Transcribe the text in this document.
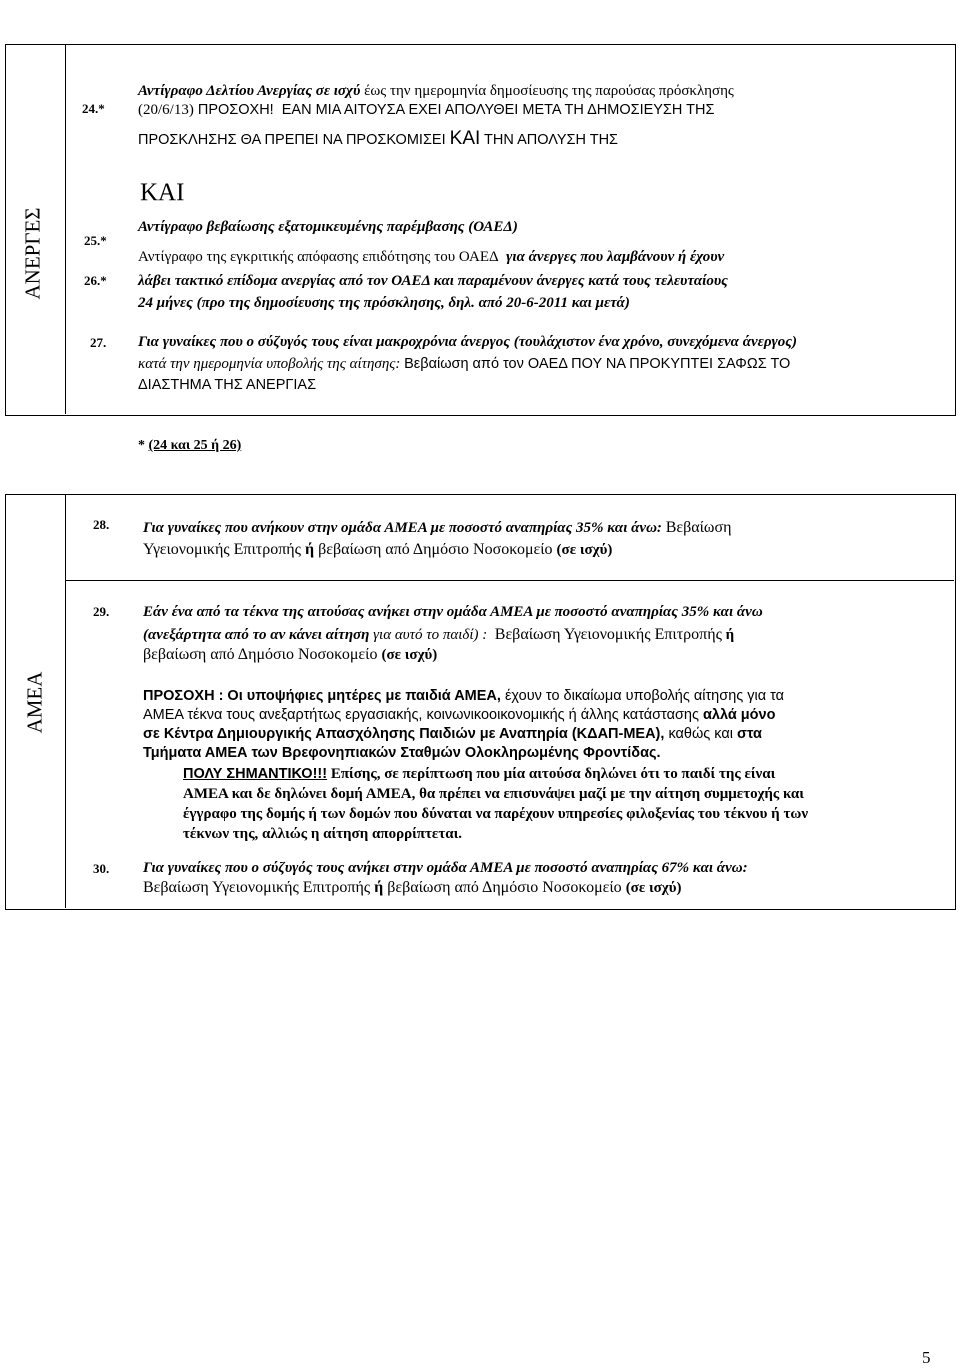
ΑΝΕΡΓΕΣ
24.*
Αντίγραφο Δελτίου Ανεργίας σε ισχύ έως την ημερομηνία δημοσίευσης της παρούσας πρόσκλησης
(20/6/13) ΠΡΟΣΟΧΗ! ΕΑΝ ΜΙΑ ΑΙΤΟΥΣΑ ΕΧΕΙ ΑΠΟΛΥΘΕΙ ΜΕΤΑ ΤΗ ΔΗΜΟΣΙΕΥΣΗ ΤΗΣ
ΠΡΟΣΚΛΗΣΗΣ ΘΑ ΠΡΕΠΕΙ ΝΑ ΠΡΟΣΚΟΜΙΣΕΙ ΚΑΙ ΤΗΝ ΑΠΟΛΥΣΗ ΤΗΣ
ΚΑΙ
25.*
Αντίγραφο βεβαίωσης εξατομικευμένης παρέμβασης (ΟΑΕΔ)
26.*
Αντίγραφο της εγκριτικής απόφασης επιδότησης του ΟΑΕΔ για άνεργες που λαμβάνουν ή έχουν
λάβει τακτικό επίδομα ανεργίας από τον ΟΑΕΔ και παραμένουν άνεργες κατά τους τελευταίους
24 μήνες (προ της δημοσίευσης της πρόσκλησης, δηλ. από 20-6-2011 και μετά)
27. Για γυναίκες που ο σύζυγός τους είναι μακροχρόνια άνεργος (τουλάχιστον ένα χρόνο, συνεχόμενα άνεργος)
κατά την ημερομηνία υποβολής της αίτησης: Βεβαίωση από τον ΟΑΕΔ ΠΟΥ ΝΑ ΠΡΟΚΥΠΤΕΙ ΣΑΦΩΣ ΤΟ
ΔΙΑΣΤΗΜΑ ΤΗΣ ΑΝΕΡΓΙΑΣ
* (24 και 25 ή 26)
ΑΜΕΑ
28. Για γυναίκες που ανήκουν στην ομάδα ΑΜΕΑ με ποσοστό αναπηρίας 35% και άνω: Βεβαίωση
Υγειονομικής Επιτροπής ή βεβαίωση από Δημόσιο Νοσοκομείο (σε ισχύ)
29. Εάν ένα από τα τέκνα της αιτούσας ανήκει στην ομάδα ΑΜΕΑ με ποσοστό αναπηρίας 35% και άνω
(ανεξάρτητα από το αν κάνει αίτηση για αυτό το παιδί) : Βεβαίωση Υγειονομικής Επιτροπής ή
βεβαίωση από Δημόσιο Νοσοκομείο (σε ισχύ)
ΠΡΟΣΟΧΗ : Οι υποψήφιες μητέρες με παιδιά ΑΜΕΑ, έχουν το δικαίωμα υποβολής αίτησης για τα
ΑΜΕΑ τέκνα τους ανεξαρτήτως εργασιακής, κοινωνικοοικονομικής ή άλλης κατάστασης αλλά μόνο
σε Κέντρα Δημιουργικής Απασχόλησης Παιδιών με Αναπηρία (ΚΔΑΠ-ΜΕΑ), καθώς και στα
Τμήματα ΑΜΕΑ των Βρεφονηπιακών Σταθμών Ολοκληρωμένης Φροντίδας.
ΠΟΛΥ ΣΗΜΑΝΤΙΚΟ!!! Επίσης, σε περίπτωση που μία αιτούσα δηλώνει ότι το παιδί της είναι
ΑΜΕΑ και δε δηλώνει δομή ΑΜΕΑ, θα πρέπει να επισυνάψει μαζί με την αίτηση συμμετοχής και
έγγραφο της δομής ή των δομών που δύναται να παρέχουν υπηρεσίες φιλοξενίας του τέκνου ή των
τέκνων της, αλλιώς η αίτηση απορρίπτεται.
30. Για γυναίκες που ο σύζυγός τους ανήκει στην ομάδα ΑΜΕΑ με ποσοστό αναπηρίας 67% και άνω:
Βεβαίωση Υγειονομικής Επιτροπής ή βεβαίωση από Δημόσιο Νοσοκομείο (σε ισχύ)
5
